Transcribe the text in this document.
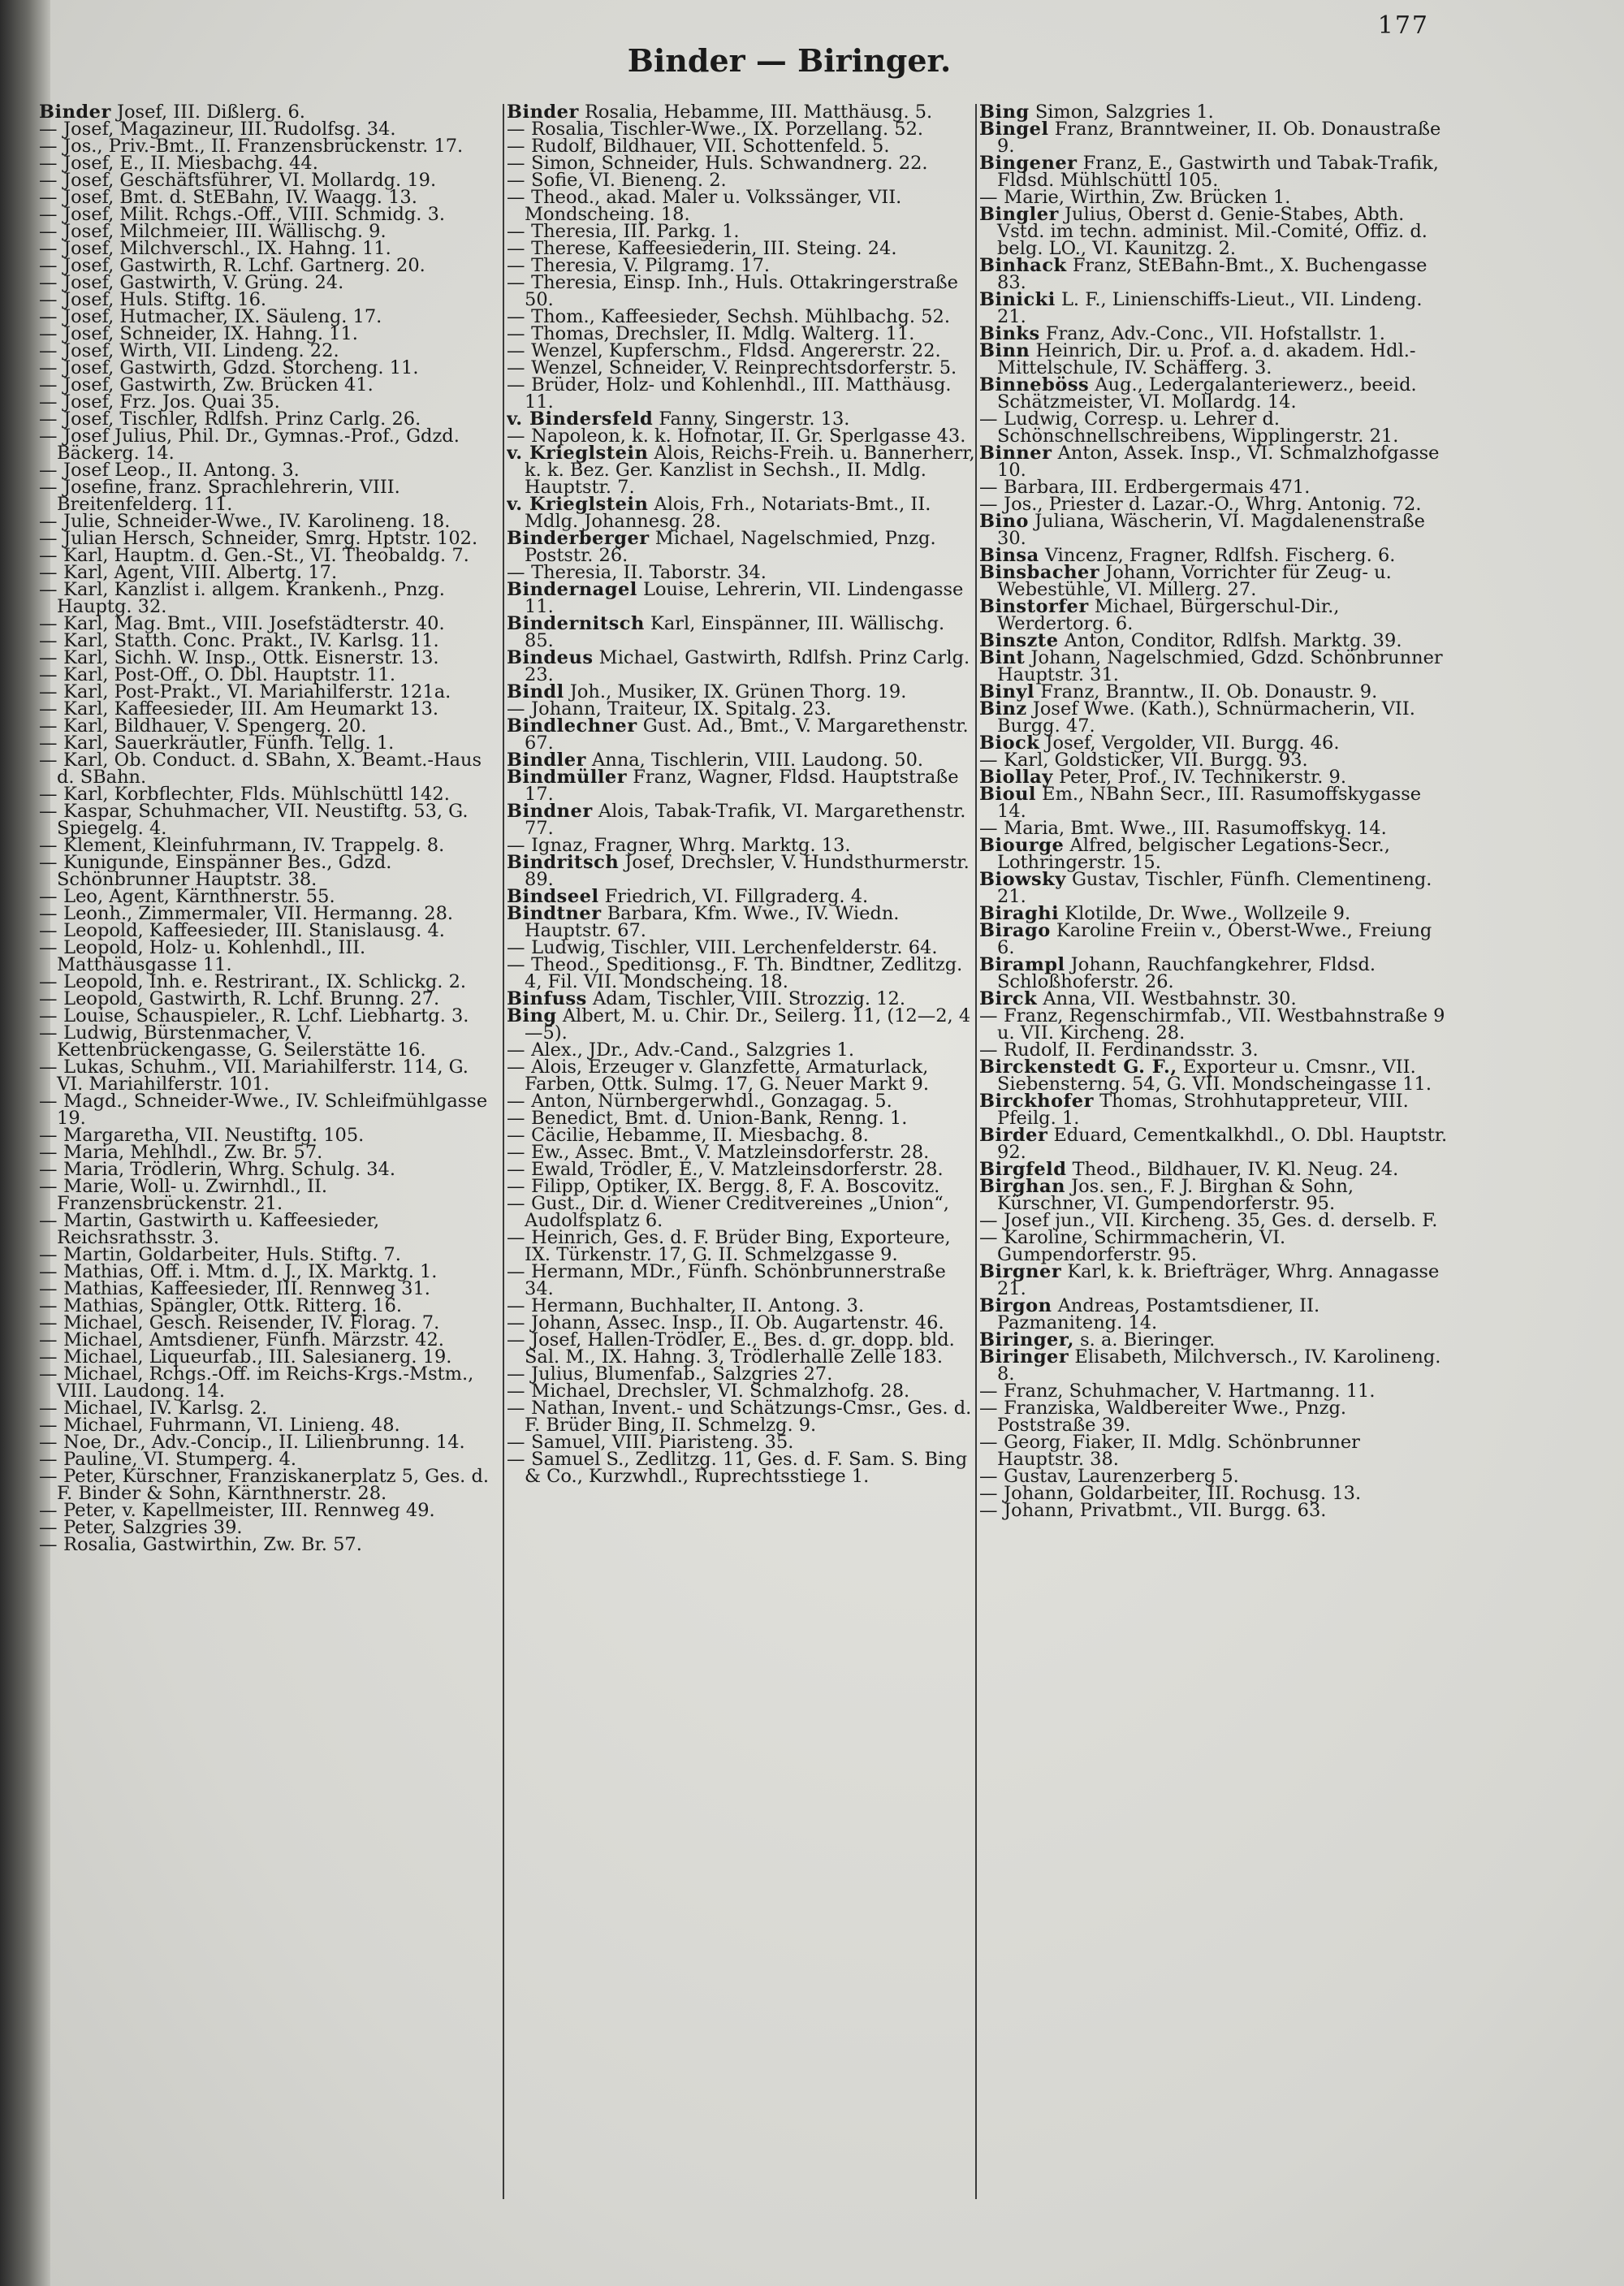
177
Binder — Biringer.

Binder Josef, III. Dißlerg. 6.

— Josef, Magazineur, III. Rudolfsg. 34.

— Jos., Priv.-Bmt., II. Franzensbrückenstr. 17.

— Josef, E., II. Miesbachg. 44.

— Josef, Geschäftsführer, VI. Mollardg. 19.

— Josef, Bmt. d. StEBahn, IV. Waagg. 13.

— Josef, Milit. Rchgs.-Off., VIII. Schmidg. 3.

— Josef, Milchmeier, III. Wällischg. 9.

— Josef, Milchverschl., IX. Hahng. 11.

— Josef, Gastwirth, R. Lchf. Gartnerg. 20.

— Josef, Gastwirth, V. Grüng. 24.

— Josef, Huls. Stiftg. 16.

— Josef, Hutmacher, IX. Säuleng. 17.

— Josef, Schneider, IX. Hahng. 11.

— Josef, Wirth, VII. Lindeng. 22.

— Josef, Gastwirth, Gdzd. Storcheng. 11.

— Josef, Gastwirth, Zw. Brücken 41.

— Josef, Frz. Jos. Quai 35.

— Josef, Tischler, Rdlfsh. Prinz Carlg. 26.

— Josef Julius, Phil. Dr., Gymnas.-Prof., Gdzd. Bäckerg. 14.

— Josef Leop., II. Antong. 3.

— Josefine, franz. Sprachlehrerin, VIII. Breitenfelderg. 11.

— Julie, Schneider-Wwe., IV. Karolineng. 18.

— Julian Hersch, Schneider, Smrg. Hptstr. 102.

— Karl, Hauptm. d. Gen.-St., VI. Theobaldg. 7.

— Karl, Agent, VIII. Albertg. 17.

— Karl, Kanzlist i. allgem. Krankenh., Pnzg. Hauptg. 32.

— Karl, Mag. Bmt., VIII. Josefstädterstr. 40.

— Karl, Statth. Conc. Prakt., IV. Karlsg. 11.

— Karl, Sichh. W. Insp., Ottk. Eisnerstr. 13.

— Karl, Post-Off., O. Dbl. Hauptstr. 11.

— Karl, Post-Prakt., VI. Mariahilferstr. 121a.

— Karl, Kaffeesieder, III. Am Heumarkt 13.

— Karl, Bildhauer, V. Spengerg. 20.

— Karl, Sauerkräutler, Fünfh. Tellg. 1.

— Karl, Ob. Conduct. d. SBahn, X. Beamt.-Haus d. SBahn.

— Karl, Korbflechter, Flds. Mühlschüttl 142.

— Kaspar, Schuhmacher, VII. Neustiftg. 53, G. Spiegelg. 4.

— Klement, Kleinfuhrmann, IV. Trappelg. 8.

— Kunigunde, Einspänner Bes., Gdzd. Schönbrunner Hauptstr. 38.

— Leo, Agent, Kärnthnerstr. 55.

— Leonh., Zimmermaler, VII. Hermanng. 28.

— Leopold, Kaffeesieder, III. Stanislausg. 4.

— Leopold, Holz- u. Kohlenhdl., III. Matthäusgasse 11.

— Leopold, Inh. e. Restrirant., IX. Schlickg. 2.

— Leopold, Gastwirth, R. Lchf. Brunng. 27.

— Louise, Schauspieler., R. Lchf. Liebhartg. 3.

— Ludwig, Bürstenmacher, V. Kettenbrückengasse, G. Seilerstätte 16.

— Lukas, Schuhm., VII. Mariahilferstr. 114, G. VI. Mariahilferstr. 101.

— Magd., Schneider-Wwe., IV. Schleifmühlgasse 19.

— Margaretha, VII. Neustiftg. 105.

— Maria, Mehlhdl., Zw. Br. 57.

— Maria, Trödlerin, Whrg. Schulg. 34.

— Marie, Woll- u. Zwirnhdl., II. Franzensbrückenstr. 21.

— Martin, Gastwirth u. Kaffeesieder, Reichsrathsstr. 3.

— Martin, Goldarbeiter, Huls. Stiftg. 7.

— Mathias, Off. i. Mtm. d. J., IX. Marktg. 1.

— Mathias, Kaffeesieder, III. Rennweg 31.

— Mathias, Spängler, Ottk. Ritterg. 16.

— Michael, Gesch. Reisender, IV. Florag. 7.

— Michael, Amtsdiener, Fünfh. Märzstr. 42.

— Michael, Liqueurfab., III. Salesianerg. 19.

— Michael, Rchgs.-Off. im Reichs-Krgs.-Mstm., VIII. Laudong. 14.

— Michael, IV. Karlsg. 2.

— Michael, Fuhrmann, VI. Linieng. 48.

— Noe, Dr., Adv.-Concip., II. Lilienbrunng. 14.

— Pauline, VI. Stumperg. 4.

— Peter, Kürschner, Franziskanerplatz 5, Ges. d. F. Binder & Sohn, Kärnthnerstr. 28.

— Peter, v. Kapellmeister, III. Rennweg 49.

— Peter, Salzgries 39.

— Rosalia, Gastwirthin, Zw. Br. 57.

Binder Rosalia, Hebamme, III. Matthäusg. 5.

— Rosalia, Tischler-Wwe., IX. Porzellang. 52.

— Rudolf, Bildhauer, VII. Schottenfeld. 5.

— Simon, Schneider, Huls. Schwandnerg. 22.

— Sofie, VI. Bieneng. 2.

— Theod., akad. Maler u. Volkssänger, VII. Mondscheing. 18.

— Theresia, III. Parkg. 1.

— Therese, Kaffeesiederin, III. Steing. 24.

— Theresia, V. Pilgramg. 17.

— Theresia, Einsp. Inh., Huls. Ottakringerstraße 50.

— Thom., Kaffeesieder, Sechsh. Mühlbachg. 52.

— Thomas, Drechsler, II. Mdlg. Walterg. 11.

— Wenzel, Kupferschm., Fldsd. Angererstr. 22.

— Wenzel, Schneider, V. Reinprechtsdorferstr. 5.

— Brüder, Holz- und Kohlenhdl., III. Matthäusg. 11.

v. Bindersfeld Fanny, Singerstr. 13.

— Napoleon, k. k. Hofnotar, II. Gr. Sperlgasse 43.

v. Krieglstein Alois, Reichs-Freih. u. Bannerherr, k. k. Bez. Ger. Kanzlist in Sechsh., II. Mdlg. Hauptstr. 7.

v. Krieglstein Alois, Frh., Notariats-Bmt., II. Mdlg. Johannesg. 28.

Binderberger Michael, Nagelschmied, Pnzg. Poststr. 26.

— Theresia, II. Taborstr. 34.

Bindernagel Louise, Lehrerin, VII. Lindengasse 11.

Bindernitsch Karl, Einspänner, III. Wällischg. 85.

Bindeus Michael, Gastwirth, Rdlfsh. Prinz Carlg. 23.

Bindl Joh., Musiker, IX. Grünen Thorg. 19.

— Johann, Traiteur, IX. Spitalg. 23.

Bindlechner Gust. Ad., Bmt., V. Margarethenstr. 67.

Bindler Anna, Tischlerin, VIII. Laudong. 50.

Bindmüller Franz, Wagner, Fldsd. Hauptstraße 17.

Bindner Alois, Tabak-Trafik, VI. Margarethenstr. 77.

— Ignaz, Fragner, Whrg. Marktg. 13.

Bindritsch Josef, Drechsler, V. Hundsthurmerstr. 89.

Bindseel Friedrich, VI. Fillgraderg. 4.

Bindtner Barbara, Kfm. Wwe., IV. Wiedn. Hauptstr. 67.

— Ludwig, Tischler, VIII. Lerchenfelderstr. 64.

— Theod., Speditionsg., F. Th. Bindtner, Zedlitzg. 4, Fil. VII. Mondscheing. 18.

Binfuss Adam, Tischler, VIII. Strozzig. 12.

Bing Albert, M. u. Chir. Dr., Seilerg. 11, (12—2, 4—5).

— Alex., JDr., Adv.-Cand., Salzgries 1.

— Alois, Erzeuger v. Glanzfette, Armaturlack, Farben, Ottk. Sulmg. 17, G. Neuer Markt 9.

— Anton, Nürnbergerwhdl., Gonzagag. 5.

— Benedict, Bmt. d. Union-Bank, Renng. 1.

— Cäcilie, Hebamme, II. Miesbachg. 8.

— Ew., Assec. Bmt., V. Matzleinsdorferstr. 28.

— Ewald, Trödler, E., V. Matzleinsdorferstr. 28.

— Filipp, Optiker, IX. Bergg. 8, F. A. Boscovitz.

— Gust., Dir. d. Wiener Creditvereines „Union“, Audolfsplatz 6.

— Heinrich, Ges. d. F. Brüder Bing, Exporteure, IX. Türkenstr. 17, G. II. Schmelzgasse 9.

— Hermann, MDr., Fünfh. Schönbrunnerstraße 34.

— Hermann, Buchhalter, II. Antong. 3.

— Johann, Assec. Insp., II. Ob. Augartenstr. 46.

— Josef, Hallen-Trödler, E., Bes. d. gr. dopp. bld. Sal. M., IX. Hahng. 3, Trödlerhalle Zelle 183.

— Julius, Blumenfab., Salzgries 27.

— Michael, Drechsler, VI. Schmalzhofg. 28.

— Nathan, Invent.- und Schätzungs-Cmsr., Ges. d. F. Brüder Bing, II. Schmelzg. 9.

— Samuel, VIII. Piaristeng. 35.

— Samuel S., Zedlitzg. 11, Ges. d. F. Sam. S. Bing & Co., Kurzwhdl., Ruprechtsstiege 1.

Bing Simon, Salzgries 1.

Bingel Franz, Branntweiner, II. Ob. Donaustraße 9.

Bingener Franz, E., Gastwirth und Tabak-Trafik, Fldsd. Mühlschüttl 105.

— Marie, Wirthin, Zw. Brücken 1.

Bingler Julius, Oberst d. Genie-Stabes, Abth. Vstd. im techn. administ. Mil.-Comité, Offiz. d. belg. LO., VI. Kaunitzg. 2.

Binhack Franz, StEBahn-Bmt., X. Buchengasse 83.

Binicki L. F., Linienschiffs-Lieut., VII. Lindeng. 21.

Binks Franz, Adv.-Conc., VII. Hofstallstr. 1.

Binn Heinrich, Dir. u. Prof. a. d. akadem. Hdl.-Mittelschule, IV. Schäfferg. 3.

Binneböss Aug., Ledergalanteriewerz., beeid. Schätzmeister, VI. Mollardg. 14.

— Ludwig, Corresp. u. Lehrer d. Schönschnellschreibens, Wipplingerstr. 21.

Binner Anton, Assek. Insp., VI. Schmalzhofgasse 10.

— Barbara, III. Erdbergermais 471.

— Jos., Priester d. Lazar.-O., Whrg. Antonig. 72.

Bino Juliana, Wäscherin, VI. Magdalenenstraße 30.

Binsa Vincenz, Fragner, Rdlfsh. Fischerg. 6.

Binsbacher Johann, Vorrichter für Zeug- u. Webestühle, VI. Millerg. 27.

Binstorfer Michael, Bürgerschul-Dir., Werdertorg. 6.

Binszte Anton, Conditor, Rdlfsh. Marktg. 39.

Bint Johann, Nagelschmied, Gdzd. Schönbrunner Hauptstr. 31.

Binyl Franz, Branntw., II. Ob. Donaustr. 9.

Binz Josef Wwe. (Kath.), Schnürmacherin, VII. Burgg. 47.

Biock Josef, Vergolder, VII. Burgg. 46.

— Karl, Goldsticker, VII. Burgg. 93.

Biollay Peter, Prof., IV. Technikerstr. 9.

Bioul Em., NBahn Secr., III. Rasumoffskygasse 14.

— Maria, Bmt. Wwe., III. Rasumoffskyg. 14.

Biourge Alfred, belgischer Legations-Secr., Lothringerstr. 15.

Biowsky Gustav, Tischler, Fünfh. Clementineng. 21.

Biraghi Klotilde, Dr. Wwe., Wollzeile 9.

Birago Karoline Freiin v., Oberst-Wwe., Freiung 6.

Birampl Johann, Rauchfangkehrer, Fldsd. Schloßhoferstr. 26.

Birck Anna, VII. Westbahnstr. 30.

— Franz, Regenschirmfab., VII. Westbahnstraße 9 u. VII. Kircheng. 28.

— Rudolf, II. Ferdinandsstr. 3.

Birckenstedt G. F., Exporteur u. Cmsnr., VII. Siebensterng. 54, G. VII. Mondscheingasse 11.

Birckhofer Thomas, Strohhutappreteur, VIII. Pfeilg. 1.

Birder Eduard, Cementkalkhdl., O. Dbl. Hauptstr. 92.

Birgfeld Theod., Bildhauer, IV. Kl. Neug. 24.

Birghan Jos. sen., F. J. Birghan & Sohn, Kürschner, VI. Gumpendorferstr. 95.

— Josef jun., VII. Kircheng. 35, Ges. d. derselb. F.

— Karoline, Schirmmacherin, VI. Gumpendorferstr. 95.

Birgner Karl, k. k. Briefträger, Whrg. Annagasse 21.

Birgon Andreas, Postamtsdiener, II. Pazmaniteng. 14.

Biringer, s. a. Bieringer.

Biringer Elisabeth, Milchversch., IV. Karolineng. 8.

— Franz, Schuhmacher, V. Hartmanng. 11.

— Franziska, Waldbereiter Wwe., Pnzg. Poststraße 39.

— Georg, Fiaker, II. Mdlg. Schönbrunner Hauptstr. 38.

— Gustav, Laurenzerberg 5.

— Johann, Goldarbeiter, III. Rochusg. 13.

— Johann, Privatbmt., VII. Burgg. 63.
